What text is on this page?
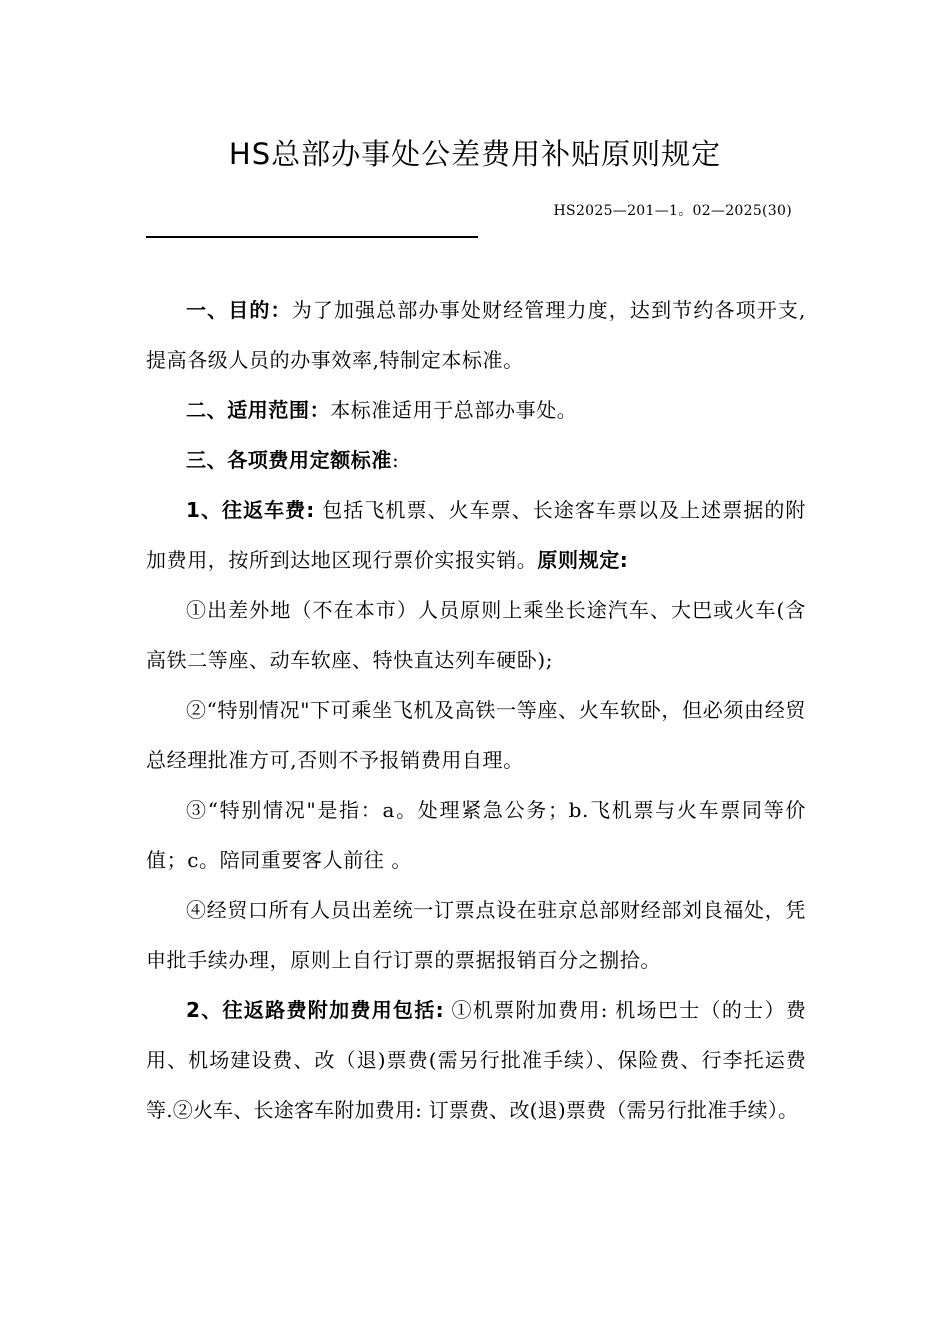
HS总部办事处公差费用补贴原则规定
HS2025—201—1。02—2025(30)

一、目的：为了加强总部办事处财经管理力度，达到节约各项开支,提高各级人员的办事效率,特制定本标准。

二、适用范围：本标准适用于总部办事处。

三、各项费用定额标准:

1、往返车费: 包括飞机票、火车票、长途客车票以及上述票据的附加费用，按所到达地区现行票价实报实销。原则规定:

①出差外地（不在本市）人员原则上乘坐长途汽车、大巴或火车(含高铁二等座、动车软座、特快直达列车硬卧);

②“特别情况"下可乘坐飞机及高铁一等座、火车软卧，但必须由经贸总经理批准方可,否则不予报销费用自理。

③“特别情况"是指：a。处理紧急公务；b.飞机票与火车票同等价值；c。陪同重要客人前往 。

④经贸口所有人员出差统一订票点设在驻京总部财经部刘良福处，凭申批手续办理，原则上自行订票的票据报销百分之捌拾。

2、往返路费附加费用包括: ①机票附加费用: 机场巴士（的士）费用、机场建设费、改（退)票费(需另行批准手续）、保险费、行李托运费等.②火车、长途客车附加费用: 订票费、改(退)票费（需另行批准手续）。
